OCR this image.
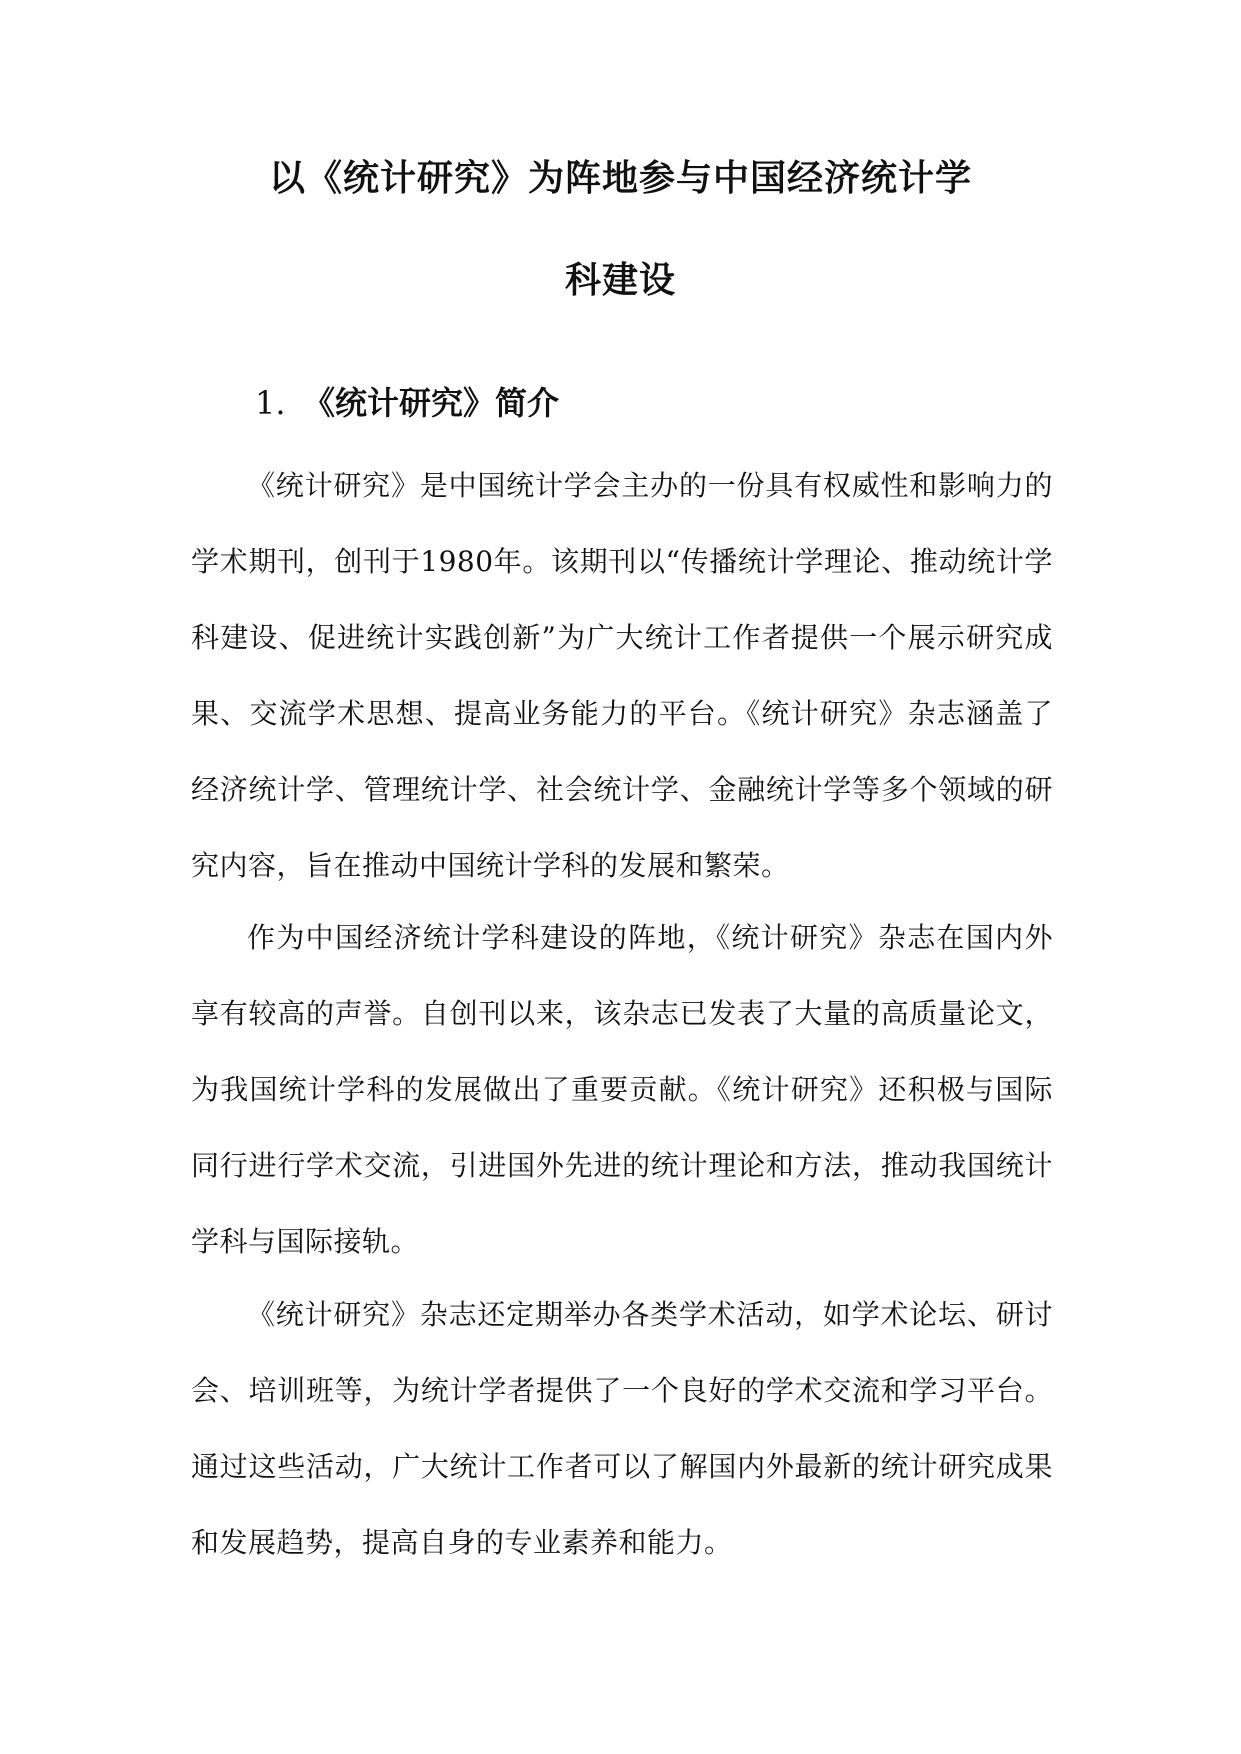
以《统计研究》为阵地参与中国经济统计学
科建设
1. 《统计研究》简介

《统计研究》是中国统计学会主办的一份具有权威性和影响力的学术期刊，创刊于1980年。该期刊以“传播统计学理论、推动统计学科建设、促进统计实践创新”为广大统计工作者提供一个展示研究成果、交流学术思想、提高业务能力的平台。《统计研究》杂志涵盖了经济统计学、管理统计学、社会统计学、金融统计学等多个领域的研究内容，旨在推动中国统计学科的发展和繁荣。

作为中国经济统计学科建设的阵地，《统计研究》杂志在国内外享有较高的声誉。自创刊以来，该杂志已发表了大量的高质量论文，为我国统计学科的发展做出了重要贡献。《统计研究》还积极与国际同行进行学术交流，引进国外先进的统计理论和方法，推动我国统计学科与国际接轨。

《统计研究》杂志还定期举办各类学术活动，如学术论坛、研讨会、培训班等，为统计学者提供了一个良好的学术交流和学习平台。通过这些活动，广大统计工作者可以了解国内外最新的统计研究成果和发展趋势，提高自身的专业素养和能力。
